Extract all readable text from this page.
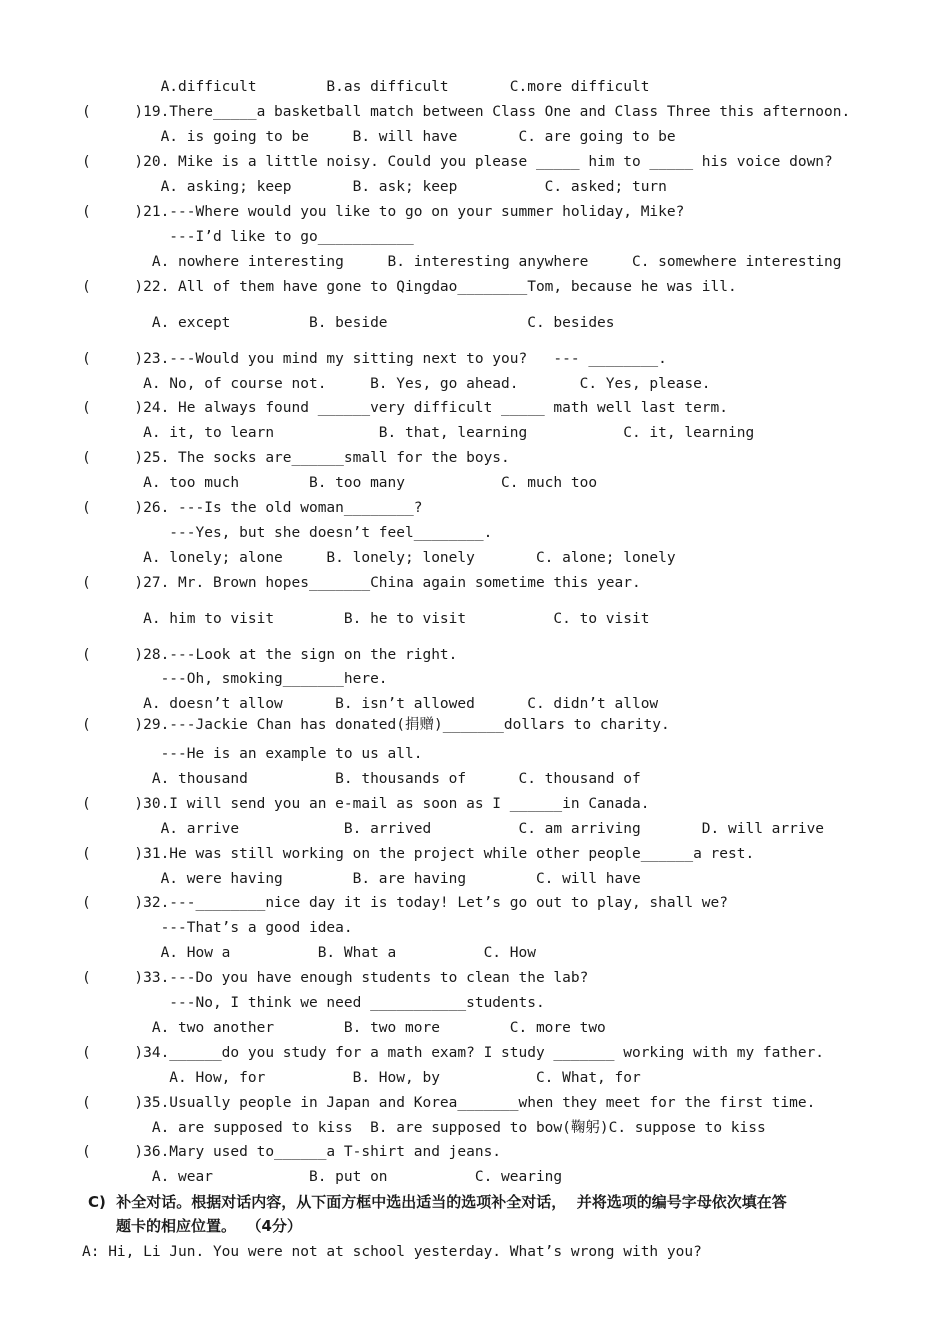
A.difficult        B.as difficult       C.more difficult
(     )19.There_____a basketball match between Class One and Class Three this afternoon.
A. is going to be     B. will have       C. are going to be
(     )20. Mike is a little noisy. Could you please _____ him to _____ his voice down?
A. asking; keep       B. ask; keep          C. asked; turn
(     )21.---Where would you like to go on your summer holiday, Mike?
---I’d like to go___________
A. nowhere interesting     B. interesting anywhere     C. somewhere interesting
(     )22. All of them have gone to Qingdao________Tom, because he was ill.
A. except         B. beside                C. besides
(     )23.---Would you mind my sitting next to you?   --- ________.
A. No, of course not.     B. Yes, go ahead.       C. Yes, please.
(     )24. He always found ______very difficult _____ math well last term.
A. it, to learn            B. that, learning           C. it, learning
(     )25. The socks are______small for the boys.
A. too much        B. too many           C. much too
(     )26. ---Is the old woman________?
---Yes, but she doesn’t feel________.
A. lonely; alone     B. lonely; lonely       C. alone; lonely
(     )27. Mr. Brown hopes_______China again sometime this year.
A. him to visit        B. he to visit          C. to visit
(     )28.---Look at the sign on the right.
---Oh, smoking_______here.
A. doesn’t allow      B. isn’t allowed      C. didn’t allow
(     )29.---Jackie Chan has donated(捐赠)_______dollars to charity.
---He is an example to us all.
A. thousand          B. thousands of      C. thousand of
(     )30.I will send you an e-mail as soon as I ______in Canada.
A. arrive            B. arrived          C. am arriving       D. will arrive
(     )31.He was still working on the project while other people______a rest.
A. were having        B. are having        C. will have
(     )32.---________nice day it is today! Let’s go out to play, shall we?
---That’s a good idea.
A. How a          B. What a          C. How
(     )33.---Do you have enough students to clean the lab?
---No, I think we need ___________students.
A. two another        B. two more        C. more two
(     )34.______do you study for a math exam? I study _______ working with my father.
A. How, for          B. How, by           C. What, for
(     )35.Usually people in Japan and Korea_______when they meet for the first time.
A. are supposed to kiss  B. are supposed to bow(鞠躬)C. suppose to kiss
(     )36.Mary used to______a T-shirt and jeans.
A. wear           B. put on          C. wearing
C)  补全对话。根据对话内容，从下面方框中选出适当的选项补全对话，  并将选项的编号字母依次填在答
题卡的相应位置。  （4分）
A: Hi, Li Jun. You were not at school yesterday. What’s wrong with you?
